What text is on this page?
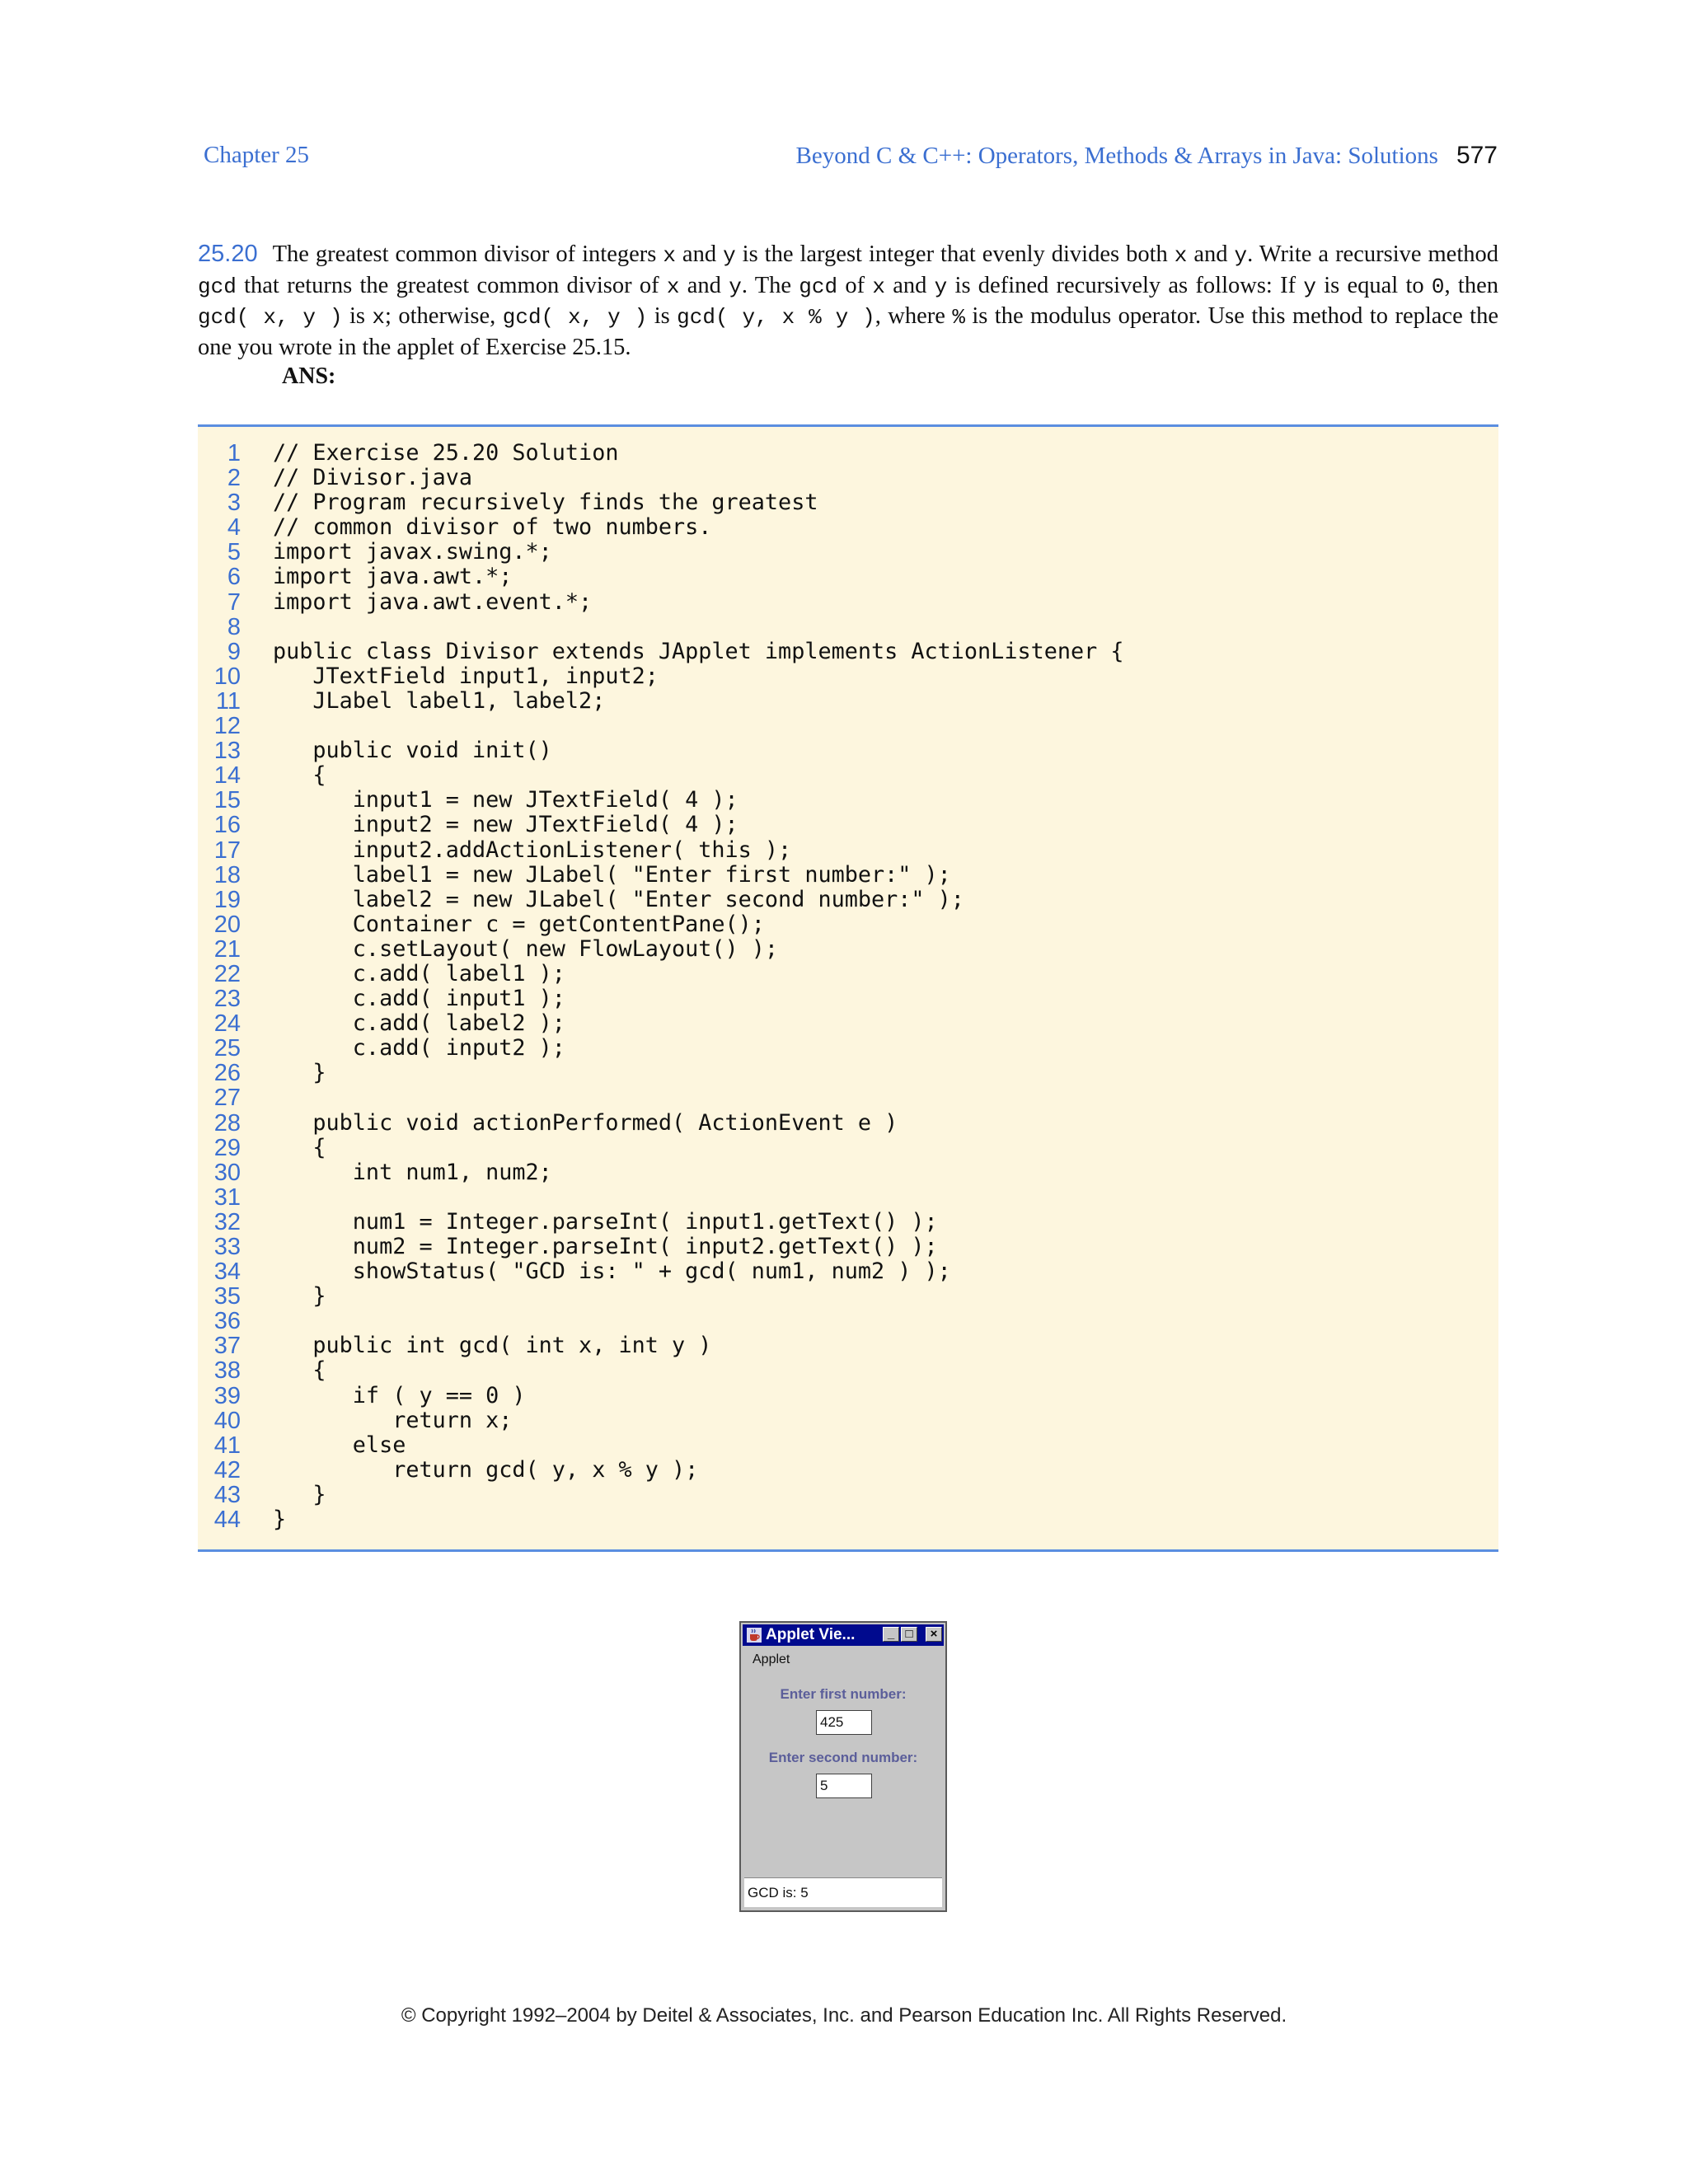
Chapter 25	Beyond C & C++: Operators, Methods & Arrays in Java: Solutions 577
25.20 The greatest common divisor of integers x and y is the largest integer that evenly divides both x and y. Write a recursive method gcd that returns the greatest common divisor of x and y. The gcd of x and y is defined recursively as follows: If y is equal to 0, then gcd( x, y ) is x; otherwise, gcd( x, y ) is gcd( y, x % y ), where % is the modulus operator. Use this method to replace the one you wrote in the applet of Exercise 25.15.
ANS:
1 // Exercise 25.20 Solution
2 // Divisor.java
3 // Program recursively finds the greatest
4 // common divisor of two numbers.
5 import javax.swing.*;
6 import java.awt.*;
7 import java.awt.event.*;
8
9 public class Divisor extends JApplet implements ActionListener {
10 JTextField input1, input2;
11 JLabel label1, label2;
12
13 public void init()
14 {
15 input1 = new JTextField( 4 );
16 input2 = new JTextField( 4 );
17 input2.addActionListener( this );
18 label1 = new JLabel( "Enter first number:" );
19 label2 = new JLabel( "Enter second number:" );
20 Container c = getContentPane();
21 c.setLayout( new FlowLayout() );
22 c.add( label1 );
23 c.add( input1 );
24 c.add( label2 );
25 c.add( input2 );
26 }
27
28 public void actionPerformed( ActionEvent e )
29 {
30 int num1, num2;
31
32 num1 = Integer.parseInt( input1.getText() );
33 num2 = Integer.parseInt( input2.getText() );
34 showStatus( "GCD is: " + gcd( num1, num2 ) );
35 }
36
37 public int gcd( int x, int y )
38 {
39 if ( y == 0 )
40 return x;
41 else
42 return gcd( y, x % y );
43 }
44 }
Applet Vie...	_ □	×
Applet
Enter first number:
425
Enter second number:
5
GCD is: 5
© Copyright 1992–2004 by Deitel & Associates, Inc. and Pearson Education Inc. All Rights Reserved.
